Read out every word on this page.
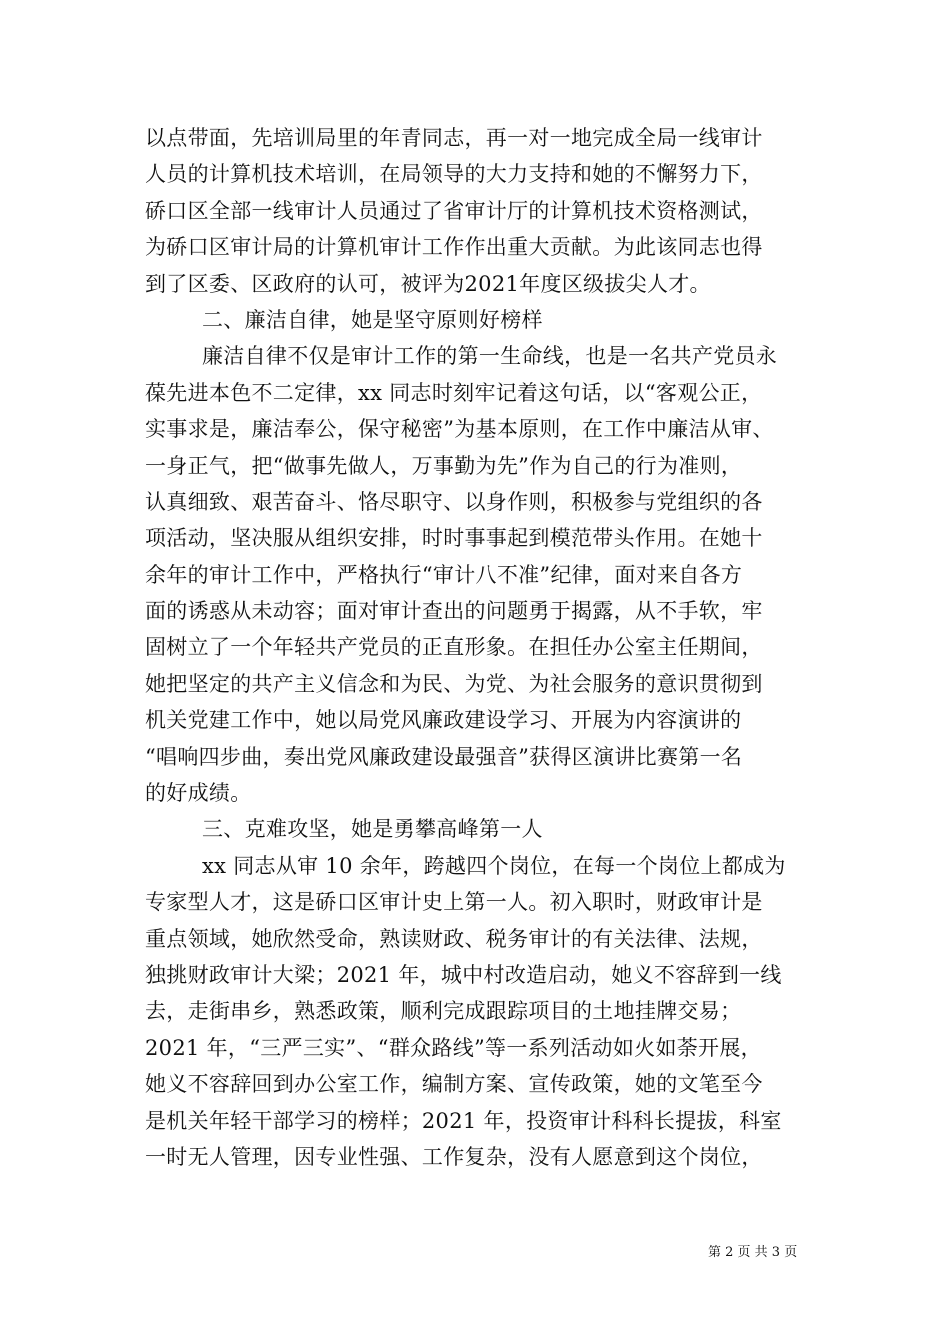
以点带面，先培训局里的年青同志，再一对一地完成全局一线审计
人员的计算机技术培训，在局领导的大力支持和她的不懈努力下，
硚口区全部一线审计人员通过了省审计厅的计算机技术资格测试，
为硚口区审计局的计算机审计工作作出重大贡献。为此该同志也得
到了区委、区政府的认可，被评为2021年度区级拔尖人才。
二、廉洁自律，她是坚守原则好榜样
廉洁自律不仅是审计工作的第一生命线，也是一名共产党员永
葆先进本色不二定律，xx 同志时刻牢记着这句话，以“客观公正，
实事求是，廉洁奉公，保守秘密”为基本原则，在工作中廉洁从审、
一身正气，把“做事先做人，万事勤为先”作为自己的行为准则，
认真细致、艰苦奋斗、恪尽职守、以身作则，积极参与党组织的各
项活动，坚决服从组织安排，时时事事起到模范带头作用。在她十
余年的审计工作中，严格执行“审计八不准”纪律，面对来自各方
面的诱惑从未动容；面对审计查出的问题勇于揭露，从不手软，牢
固树立了一个年轻共产党员的正直形象。在担任办公室主任期间，
她把坚定的共产主义信念和为民、为党、为社会服务的意识贯彻到
机关党建工作中，她以局党风廉政建设学习、开展为内容演讲的
“唱响四步曲，奏出党风廉政建设最强音”获得区演讲比赛第一名
的好成绩。
三、克难攻坚，她是勇攀高峰第一人
xx 同志从审 10 余年，跨越四个岗位，在每一个岗位上都成为
专家型人才，这是硚口区审计史上第一人。初入职时，财政审计是
重点领域，她欣然受命，熟读财政、税务审计的有关法律、法规，
独挑财政审计大梁；2021 年，城中村改造启动，她义不容辞到一线
去，走街串乡，熟悉政策，顺利完成跟踪项目的土地挂牌交易；
2021 年，“三严三实”、“群众路线”等一系列活动如火如荼开展，
她义不容辞回到办公室工作，编制方案、宣传政策，她的文笔至今
是机关年轻干部学习的榜样；2021 年，投资审计科科长提拔，科室
一时无人管理，因专业性强、工作复杂，没有人愿意到这个岗位，
第 2 页 共 3 页
